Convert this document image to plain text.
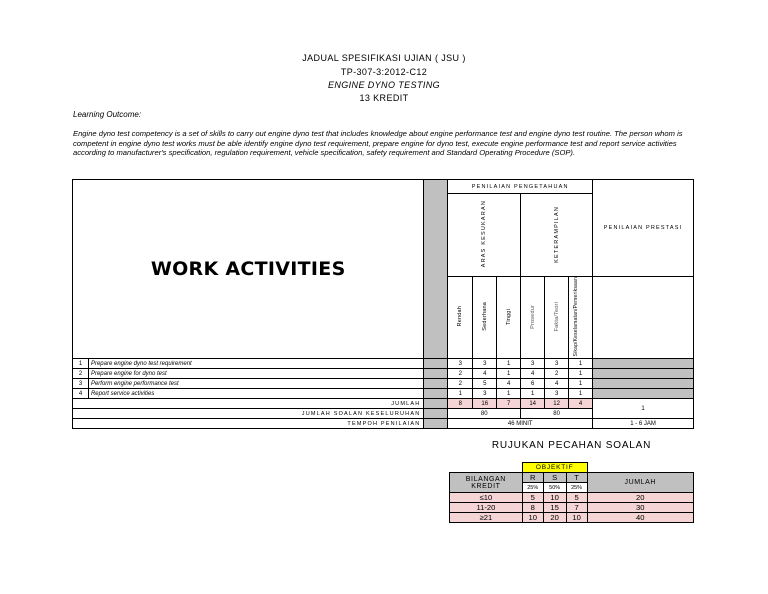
JADUAL SPESIFIKASI UJIAN ( JSU )
TP-307-3:2012-C12
ENGINE DYNO TESTING
13 KREDIT
Learning Outcome:
Engine dyno test competency is a set of skills to carry out engine dyno test that includes knowledge about engine performance test and engine dyno test routine. The person whom is competent in engine dyno test works must be able identify engine dyno test requirement, prepare engine for dyno test, execute engine performance test and report service activities according to manufacturer's specification, regulation requirement, vehicle specification, safety requirement and Standard Operating Procedure (SOP).
WORK ACTIVITIES			PENILAIAN PENGETAHUAN						PENILAIAN PRESTASI
			ARAS KESUKARAN			KETERAMPILAN			
			Rendah	Sederhana	Tinggi	Prosedur	Fakta/Teori	Sikap/Keselamatan/Pemeriksaan	
1	Prepare engine dyno test requirement		3	3	1	3	3	1	
2	Prepare engine for dyno test		2	4	1	4	2	1	
3	Perform engine performance test		2	5	4	6	4	1	
4	Report service activities		1	3	1	1	3	1	
JUMLAH			8	16	7	14	12	4	1
JUMLAH SOALAN KESELURUHAN			80			80			
TEMPOH PENILAIAN			46 MINIT						1 - 6 JAM
RUJUKAN PECAHAN SOALAN
	OBJEKTIF			
BILANGAN KREDIT	R	S	T	JUMLAH
	25%	50%	25%	
≤10	5	10	5	20
11-20	8	15	7	30
≥21	10	20	10	40
